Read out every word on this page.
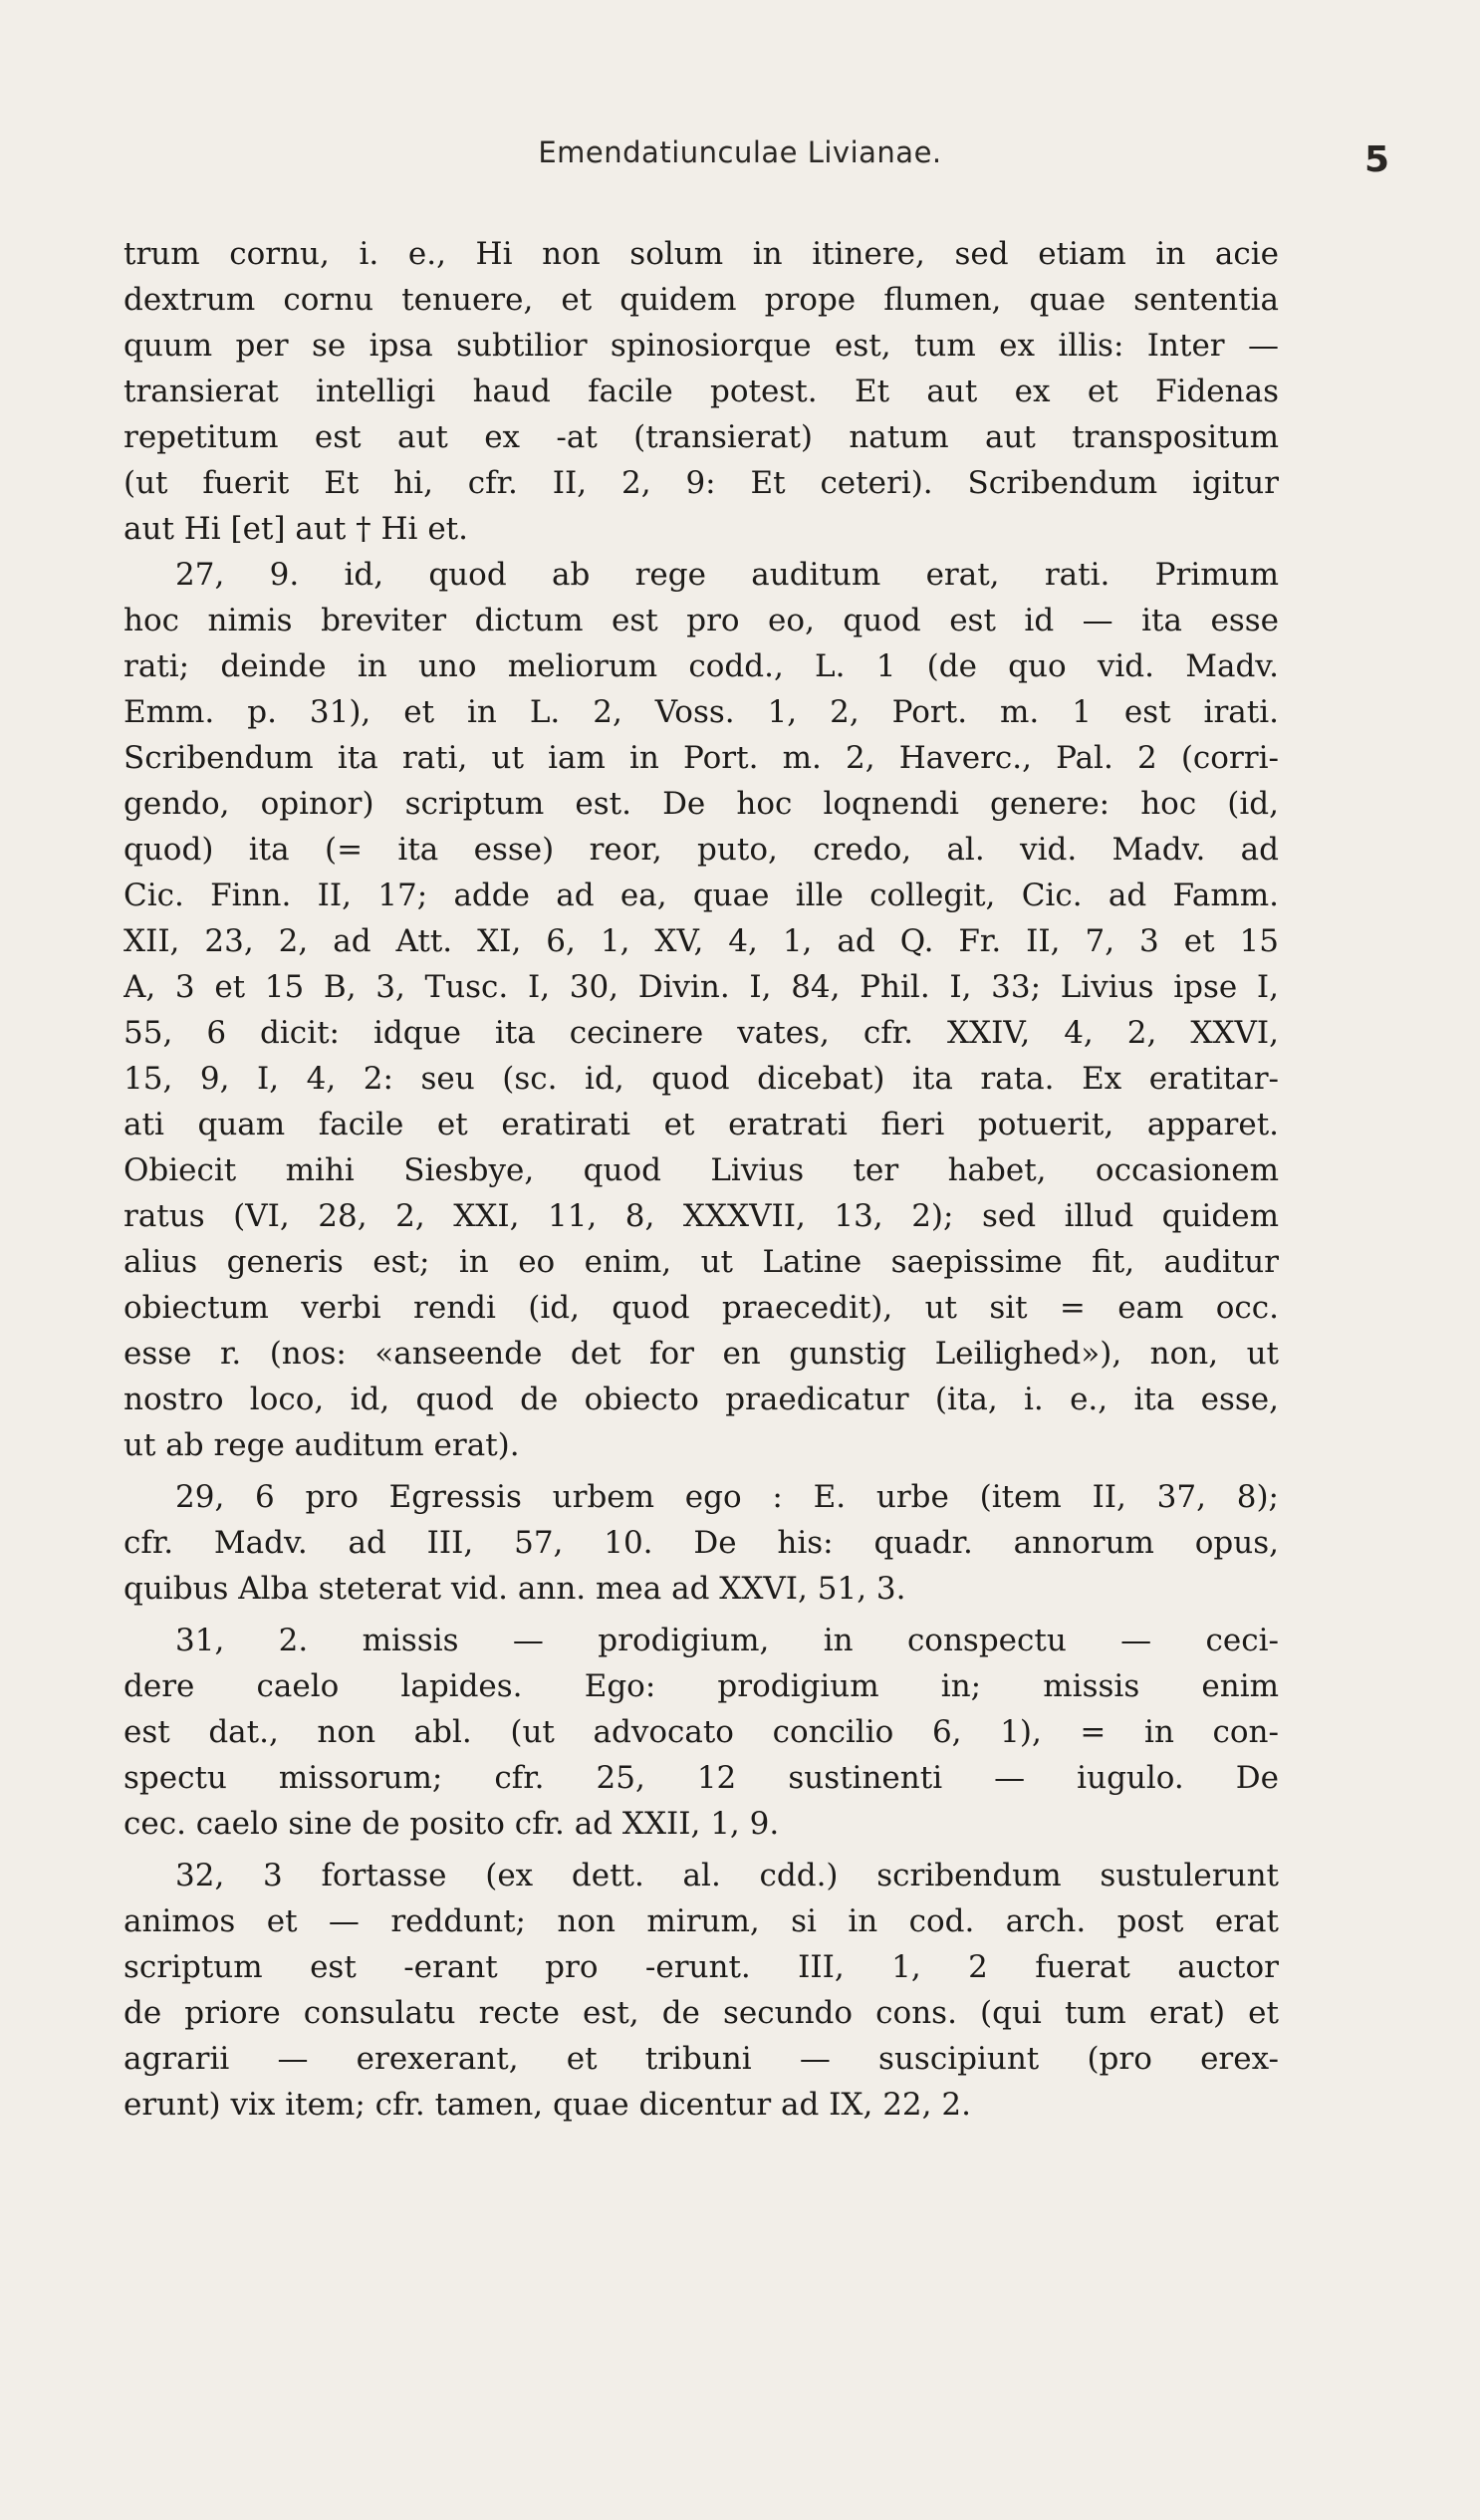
Emendatiunculae Livianae.	5
trum cornu, i. e., Hi non solum in itinere, sed etiam in acie
dextrum cornu tenuere, et quidem prope flumen, quae sententia
quum per se ipsa subtilior spinosiorque est, tum ex illis: Inter —
transierat intelligi haud facile potest. Et aut ex et Fidenas
repetitum est aut ex -at (transierat) natum aut transpositum
(ut fuerit Et hi, cfr. II, 2, 9: Et ceteri). Scribendum igitur
aut Hi [et] aut † Hi et.
27, 9. id, quod ab rege auditum erat, rati. Primum
hoc nimis breviter dictum est pro eo, quod est id — ita esse
rati; deinde in uno meliorum codd., L. 1 (de quo vid. Madv.
Emm. p. 31), et in L. 2, Voss. 1, 2, Port. m. 1 est irati.
Scribendum ita rati, ut iam in Port. m. 2, Haverc., Pal. 2 (corri-
gendo, opinor) scriptum est. De hoc loqnendi genere: hoc (id,
quod) ita (= ita esse) reor, puto, credo, al. vid. Madv. ad
Cic. Finn. II, 17; adde ad ea, quae ille collegit, Cic. ad Famm.
XII, 23, 2, ad Att. XI, 6, 1, XV, 4, 1, ad Q. Fr. II, 7, 3 et 15
A, 3 et 15 B, 3, Tusc. I, 30, Divin. I, 84, Phil. I, 33; Livius ipse I,
55, 6 dicit: idque ita cecinere vates, cfr. XXIV, 4, 2, XXVI,
15, 9, I, 4, 2: seu (sc. id, quod dicebat) ita rata. Ex eratitar-
ati quam facile et eratirati et eratrati fieri potuerit, apparet.
Obiecit mihi Siesbye, quod Livius ter habet, occasionem
ratus (VI, 28, 2, XXI, 11, 8, XXXVII, 13, 2); sed illud quidem
alius generis est; in eo enim, ut Latine saepissime fit, auditur
obiectum verbi rendi (id, quod praecedit), ut sit = eam occ.
esse r. (nos: «anseende det for en gunstig Leilighed»), non, ut
nostro loco, id, quod de obiecto praedicatur (ita, i. e., ita esse,
ut ab rege auditum erat).
29, 6 pro Egressis urbem ego : E. urbe (item II, 37, 8);
cfr. Madv. ad III, 57, 10. De his: quadr. annorum opus,
quibus Alba steterat vid. ann. mea ad XXVI, 51, 3.
31, 2. missis — prodigium, in conspectu — ceci-
dere caelo lapides. Ego: prodigium in; missis enim
est dat., non abl. (ut advocato concilio 6, 1), = in con-
spectu missorum; cfr. 25, 12 sustinenti — iugulo. De
cec. caelo sine de posito cfr. ad XXII, 1, 9.
32, 3 fortasse (ex dett. al. cdd.) scribendum sustulerunt
animos et — reddunt; non mirum, si in cod. arch. post erat
scriptum est -erant pro -erunt. III, 1, 2 fuerat auctor
de priore consulatu recte est, de secundo cons. (qui tum erat) et
agrarii — erexerant, et tribuni — suscipiunt (pro erex-
erunt) vix item; cfr. tamen, quae dicentur ad IX, 22, 2.
